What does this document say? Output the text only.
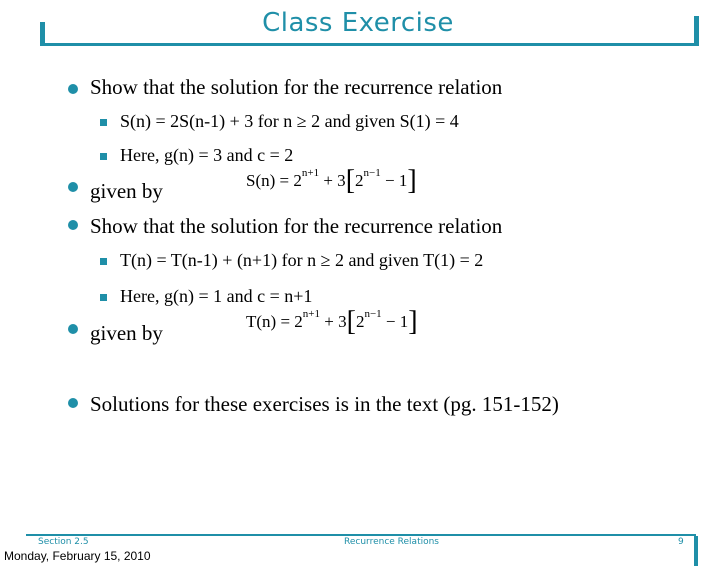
Class Exercise
Show that the solution for the recurrence relation
S(n) = 2S(n-1) + 3 for n ≥ 2 and given S(1) = 4
Here, g(n) = 3 and c = 2
$S(n) = 2^{n+1} + 3[2^{n-1} - 1]$
given by
Show that the solution for the recurrence relation
T(n) = T(n-1) + (n+1) for n ≥ 2 and given T(1) = 2
Here, g(n) = 1 and c = n+1
$T(n) = 2^{n+1} + 3[2^{n-1} - 1]$
given by
Solutions for these exercises is in the text (pg. 151-152)
Section 2.5	Recurrence Relations	9
Monday, February 15, 2010
